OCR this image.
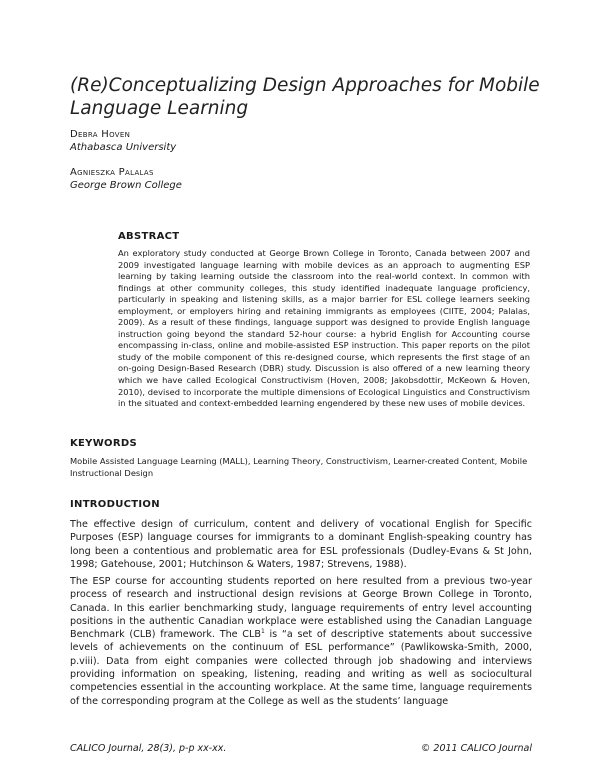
(Re)Conceptualizing Design Approaches for Mobile Language Learning
Debra Hoven
Athabasca University
Agnieszka Palalas
George Brown College
ABSTRACT

An exploratory study conducted at George Brown College in Toronto, Canada between 2007 and 2009 investigated language learning with mobile devices as an approach to augmenting ESP learning by taking learning outside the classroom into the real-world context. In common with findings at other community colleges, this study identified inadequate language proficiency, particularly in speaking and listening skills, as a major barrier for ESL college learners seeking employment, or employers hiring and retaining immigrants as employees (CIITE, 2004; Palalas, 2009). As a result of these findings, language support was designed to provide English language instruction going beyond the standard 52-hour course: a hybrid English for Accounting course encompassing in-class, online and mobile-assisted ESP instruction. This paper reports on the pilot study of the mobile component of this re-designed course, which represents the first stage of an on-going Design-Based Research (DBR) study. Discussion is also offered of a new learning theory which we have called Ecological Constructivism (Hoven, 2008; Jakobsdottir, McKeown & Hoven, 2010), devised to incorporate the multiple dimensions of Ecological Linguistics and Constructivism in the situated and context-embedded learning engendered by these new uses of mobile devices.

KEYWORDS

Mobile Assisted Language Learning (MALL), Learning Theory, Constructivism, Learner-created Content, Mobile Instructional Design

INTRODUCTION

The effective design of curriculum, content and delivery of vocational English for Specific Purposes (ESP) language courses for immigrants to a dominant English-speaking country has long been a contentious and problematic area for ESL professionals (Dudley-Evans & St John, 1998; Gatehouse, 2001; Hutchinson & Waters, 1987; Strevens, 1988).

The ESP course for accounting students reported on here resulted from a previous two-year process of research and instructional design revisions at George Brown College in Toronto, Canada. In this earlier benchmarking study, language requirements of entry level accounting positions in the authentic Canadian workplace were established using the Canadian Language Benchmark (CLB) framework. The CLB$^1$ is “a set of descriptive statements about successive levels of achievements on the continuum of ESL performance” (Pawlikowska-Smith, 2000, p.viii). Data from eight companies were collected through job shadowing and interviews providing information on speaking, listening, reading and writing as well as sociocultural competencies essential in the accounting workplace. At the same time, language requirements of the corresponding program at the College as well as the students’ language

CALICO Journal, 28(3), p-p xx-xx.	© 2011 CALICO Journal
